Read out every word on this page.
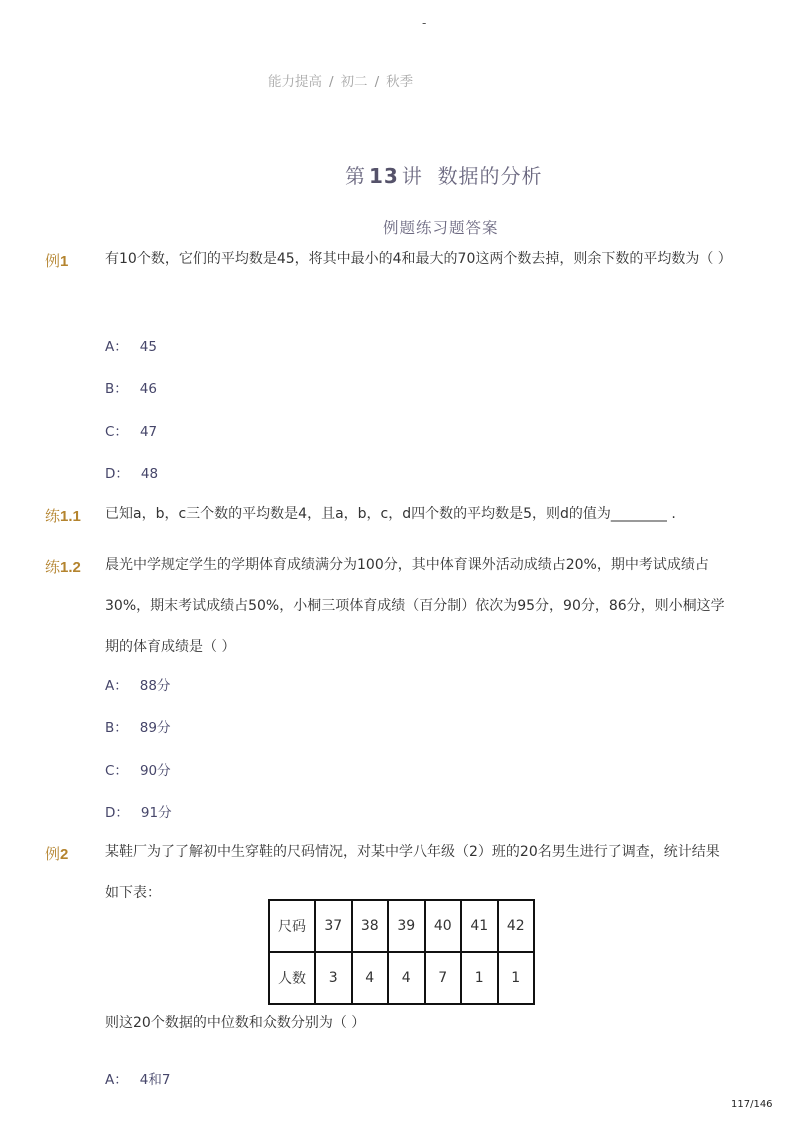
-
能力提高 / 初二 / 秋季
第 13 讲 数据的分析
例题练习题答案
例1	有10个数，它们的平均数是45，将其中最小的4和最大的70这两个数去掉，则余下数的平均数为（ ）
A： 45
B： 46
C： 47
D： 48
练1.1 已知a，b，c三个数的平均数是4，且a，b，c，d四个数的平均数是5，则d的值为________ .
练1.2 晨光中学规定学生的学期体育成绩满分为100分，其中体育课外活动成绩占20%，期中考试成绩占30%，期末考试成绩占50%，小桐三项体育成绩（百分制）依次为95分，90分，86分，则小桐这学期的体育成绩是（ ）
A： 88分
B： 89分
C： 90分
D： 91分
例2	某鞋厂为了了解初中生穿鞋的尺码情况，对某中学八年级（2）班的20名男生进行了调查，统计结果如下表：
尺码	37	38	39	40	41	42
人数	3	4	4	7	1	1
则这20个数据的中位数和众数分别为（ ）
A： 4和7
117/146
